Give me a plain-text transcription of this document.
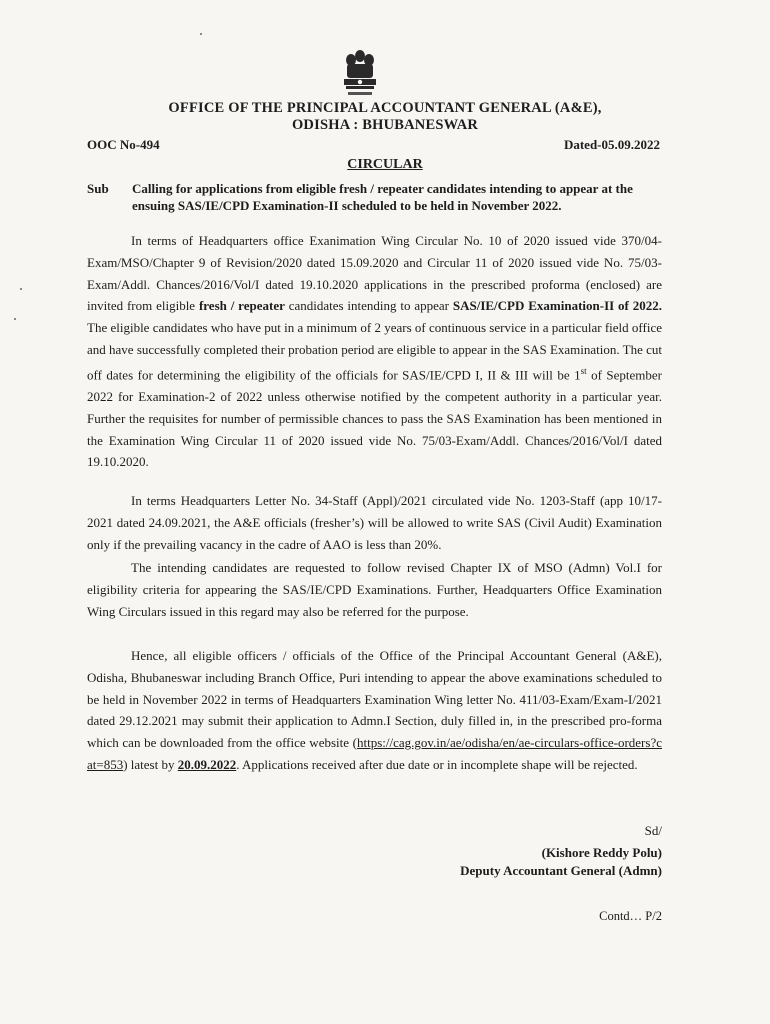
OFFICE OF THE PRINCIPAL ACCOUNTANT GENERAL (A&E),
ODISHA : BHUBANESWAR
OOC No-494	Dated-05.09.2022
CIRCULAR
Sub Calling for applications from eligible fresh / repeater candidates intending to appear at the ensuing SAS/IE/CPD Examination-II scheduled to be held in November 2022.
In terms of Headquarters office Exanimation Wing Circular No. 10 of 2020 issued vide 370/04-Exam/MSO/Chapter 9 of Revision/2020 dated 15.09.2020 and Circular 11 of 2020 issued vide No. 75/03-Exam/Addl. Chances/2016/Vol/I dated 19.10.2020 applications in the prescribed proforma (enclosed) are invited from eligible fresh / repeater candidates intending to appear SAS/IE/CPD Examination-II of 2022. The eligible candidates who have put in a minimum of 2 years of continuous service in a particular field office and have successfully completed their probation period are eligible to appear in the SAS Examination. The cut off dates for determining the eligibility of the officials for SAS/IE/CPD I, II & III will be 1st of September 2022 for Examination-2 of 2022 unless otherwise notified by the competent authority in a particular year. Further the requisites for number of permissible chances to pass the SAS Examination has been mentioned in the Examination Wing Circular 11 of 2020 issued vide No. 75/03-Exam/Addl. Chances/2016/Vol/I dated 19.10.2020.
In terms Headquarters Letter No. 34-Staff (Appl)/2021 circulated vide No. 1203-Staff (app 10/17-2021 dated 24.09.2021, the A&E officials (fresher’s) will be allowed to write SAS (Civil Audit) Examination only if the prevailing vacancy in the cadre of AAO is less than 20%.
The intending candidates are requested to follow revised Chapter IX of MSO (Admn) Vol.I for eligibility criteria for appearing the SAS/IE/CPD Examinations. Further, Headquarters Office Examination Wing Circulars issued in this regard may also be referred for the purpose.
Hence, all eligible officers / officials of the Office of the Principal Accountant General (A&E), Odisha, Bhubaneswar including Branch Office, Puri intending to appear the above examinations scheduled to be held in November 2022 in terms of Headquarters Examination Wing letter No. 411/03-Exam/Exam-I/2021 dated 29.12.2021 may submit their application to Admn.I Section, duly filled in, in the prescribed pro-forma which can be downloaded from the office website (https://cag.gov.in/ae/odisha/en/ae-circulars-office-orders?cat=853) latest by 20.09.2022. Applications received after due date or in incomplete shape will be rejected.
Sd/
(Kishore Reddy Polu)
Deputy Accountant General (Admn)
Contd… P/2
